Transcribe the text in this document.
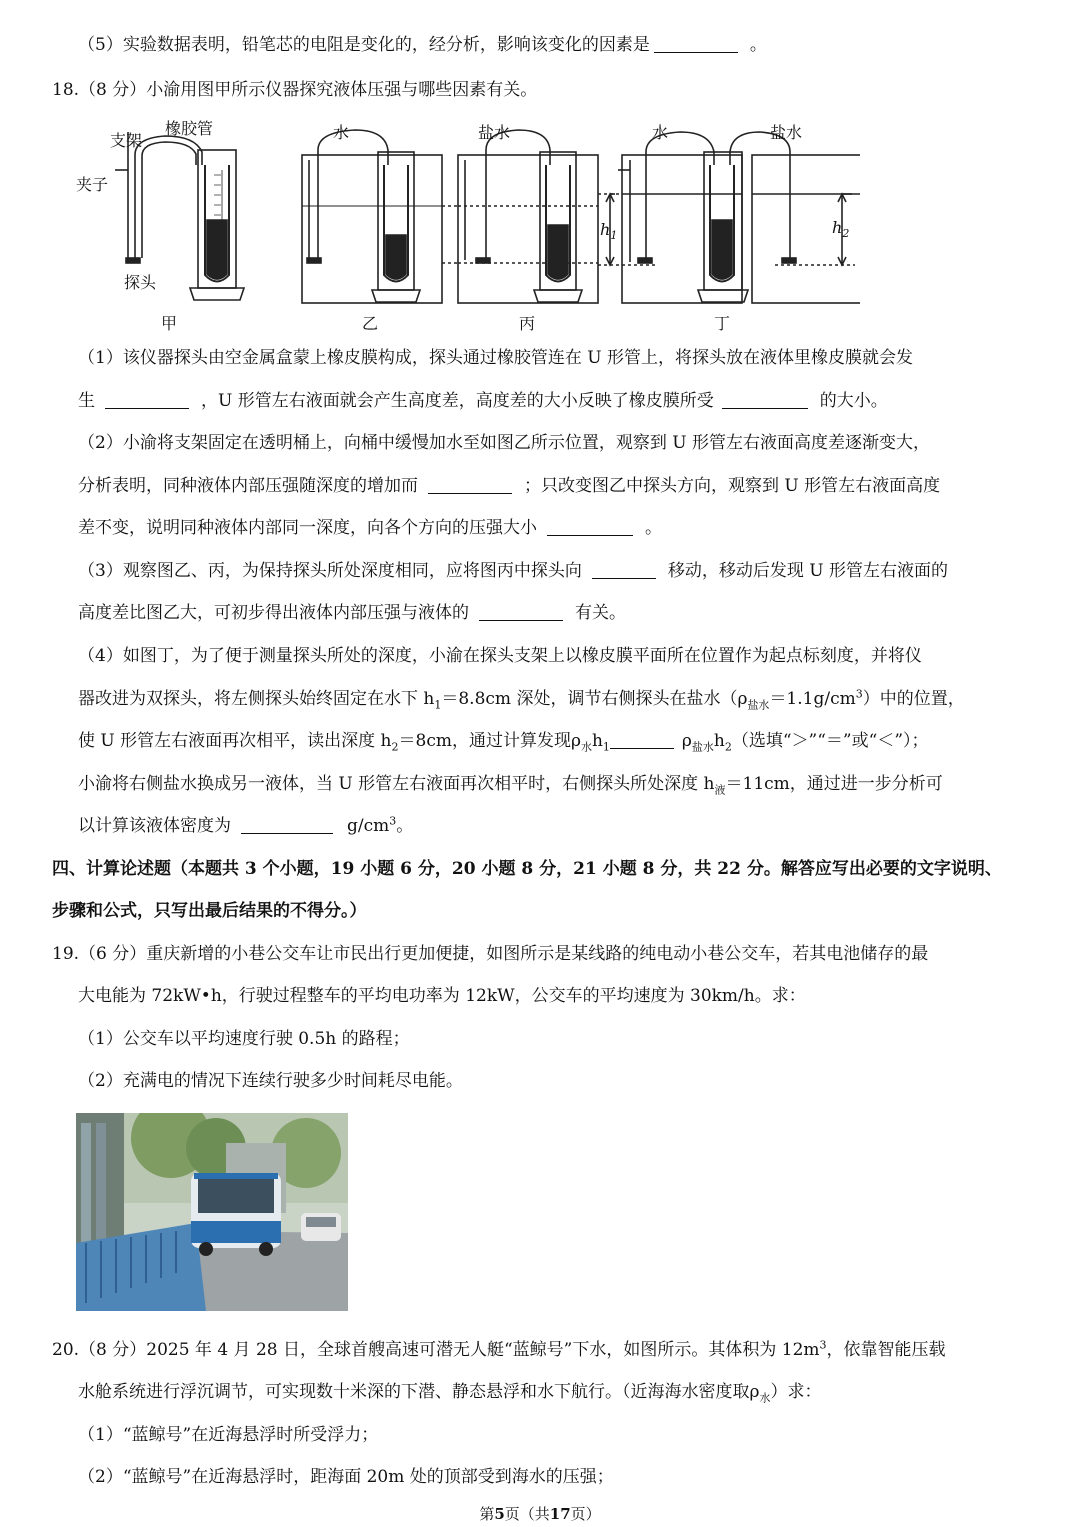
（5）实验数据表明，铅笔芯的电阻是变化的，经分析，影响该变化的因素是	。
18.（8 分）小渝用图甲所示仪器探究液体压强与哪些因素有关。
支架
橡胶管
夹子
探头
水	盐水	水	盐水
$h_1$	$h_2$
甲	乙	丙	丁
（1）该仪器探头由空金属盒蒙上橡皮膜构成，探头通过橡胶管连在 U 形管上，将探头放在液体里橡皮膜就会发
生	，U 形管左右液面就会产生高度差，高度差的大小反映了橡皮膜所受	的大小。
（2）小渝将支架固定在透明桶上，向桶中缓慢加水至如图乙所示位置，观察到 U 形管左右液面高度差逐渐变大，
分析表明，同种液体内部压强随深度的增加而	；只改变图乙中探头方向，观察到 U 形管左右液面高度
差不变，说明同种液体内部同一深度，向各个方向的压强大小	。
（3）观察图乙、丙，为保持探头所处深度相同，应将图丙中探头向	移动，移动后发现 U 形管左右液面的
高度差比图乙大，可初步得出液体内部压强与液体的	有关。
（4）如图丁，为了便于测量探头所处的深度，小渝在探头支架上以橡皮膜平面所在位置作为起点标刻度，并将仪
器改进为双探头，将左侧探头始终固定在水下 $h_1=8.8cm$ 深处，调节右侧探头在盐水$(\rho_{盐水}=1.1g/cm^3)$中的位置，
使 U 形管左右液面再次相平，读出深度 $h_2=8cm$，通过计算发现$\rho_水h_1$	$\rho_{盐水}h_2$（选填“＞”“＝”或“＜”）；
小渝将右侧盐水换成另一液体，当 U 形管左右液面再次相平时，右侧探头所处深度 $h_液=11cm$，通过进一步分析可
以计算该液体密度为	$g/cm^3$。
四、计算论述题（本题共 3 个小题，19 小题 6 分，20 小题 8 分，21 小题 8 分，共 22 分。解答应写出必要的文字说明、
步骤和公式，只写出最后结果的不得分。）
19.（6 分）重庆新增的小巷公交车让市民出行更加便捷，如图所示是某线路的纯电动小巷公交车，若其电池储存的最
大电能为 72kW•h，行驶过程整车的平均电功率为 12kW，公交车的平均速度为 30km/h。求：
（1）公交车以平均速度行驶 0.5h 的路程；
（2）充满电的情况下连续行驶多少时间耗尽电能。
20.（8 分）2025 年 4 月 28 日，全球首艘高速可潜无人艇“蓝鲸号”下水，如图所示。其体积为 $12m^3$，依靠智能压载
水舱系统进行浮沉调节，可实现数十米深的下潜、静态悬浮和水下航行。（近海海水密度取$\rho_水$）求：
（1）“蓝鲸号”在近海悬浮时所受浮力；
（2）“蓝鲸号”在近海悬浮时，距海面 20m 处的顶部受到海水的压强；
第5页（共17页）
